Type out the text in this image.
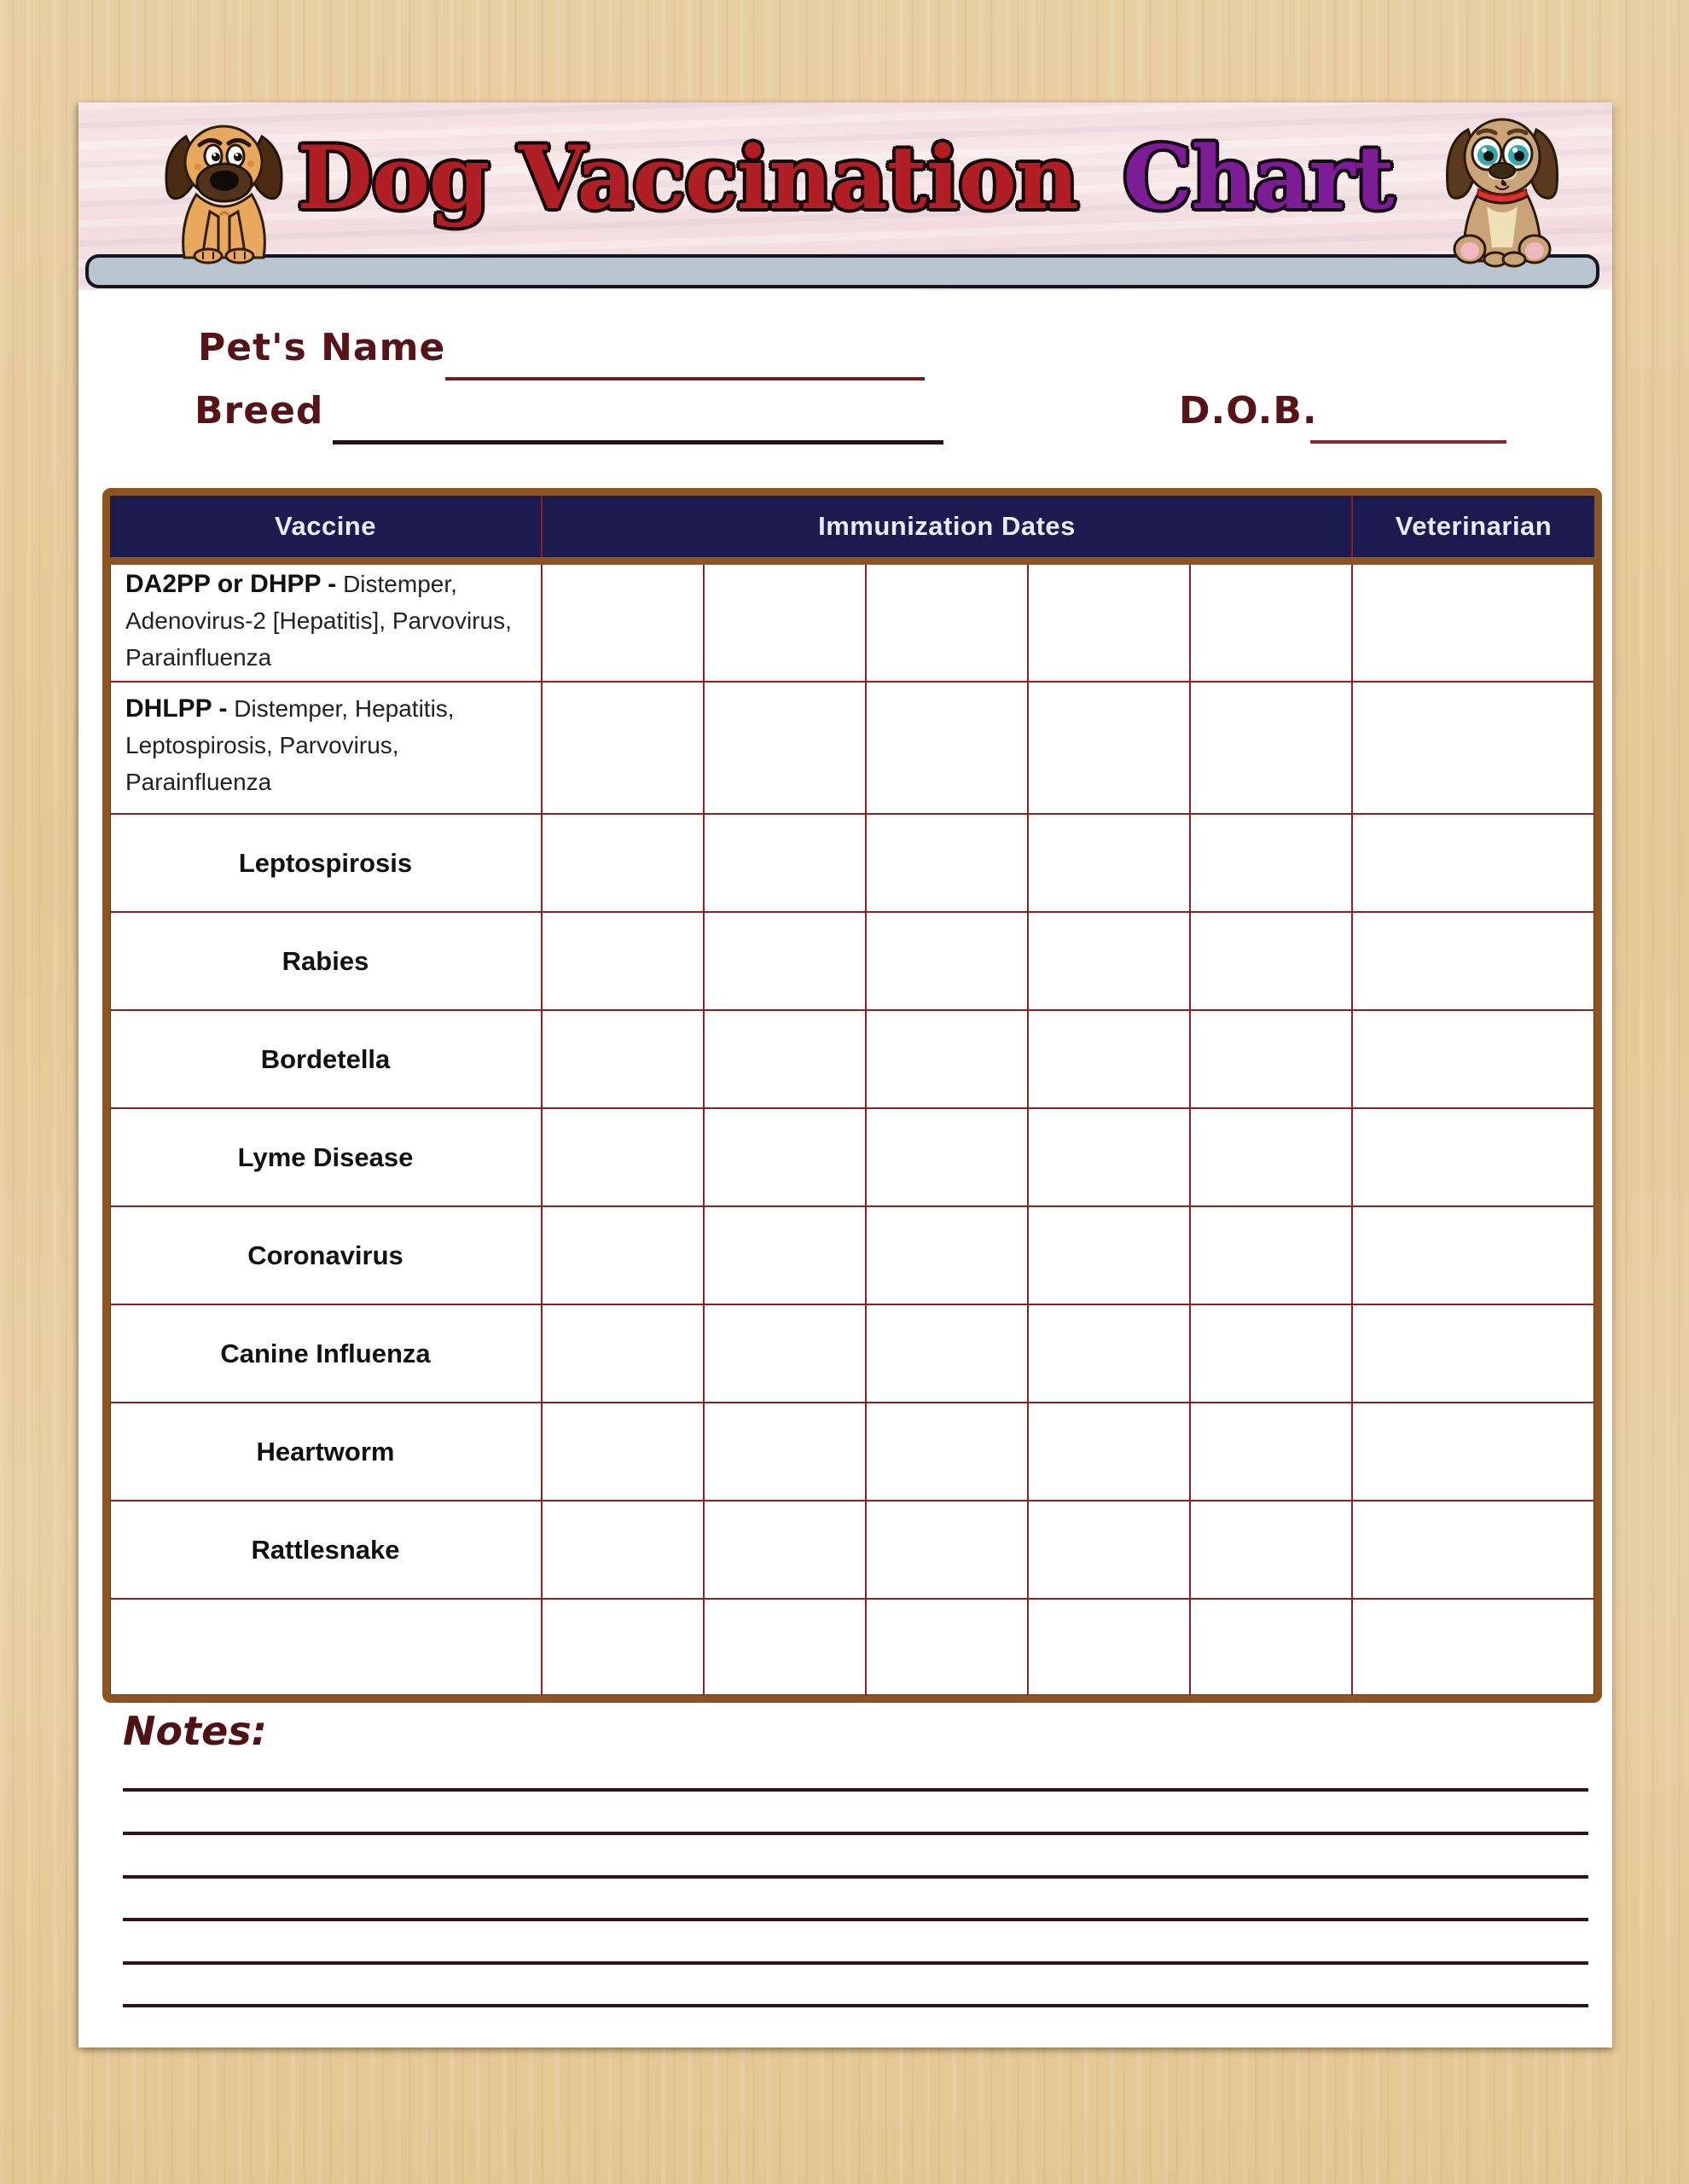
Dog Vaccination Chart
Pet's Name
Breed	D.O.B.
Vaccine	Immunization Dates	Veterinarian
DA2PP or DHPP - Distemper, Adenovirus-2 [Hepatitis], Parvovirus, Parainfluenza
DHLPP - Distemper, Hepatitis, Leptospirosis, Parvovirus, Parainfluenza
Leptospirosis
Rabies
Bordetella
Lyme Disease
Coronavirus
Canine Influenza
Heartworm
Rattlesnake
Notes:
